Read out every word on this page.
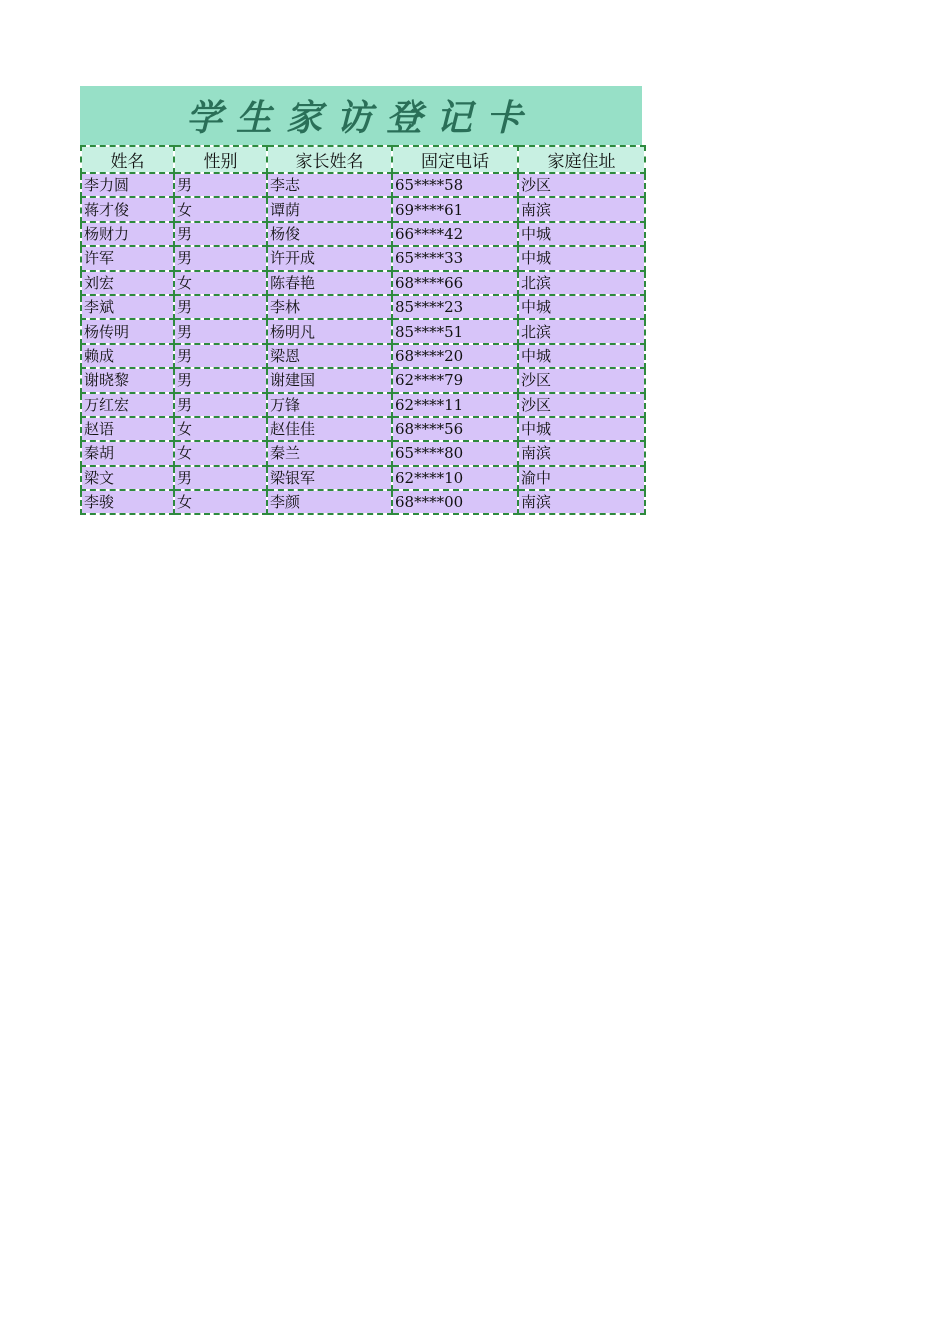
学生家访登记卡
姓名	性别	家长姓名	固定电话	家庭住址
李力圆	男	李志	65****58	沙区
蒋才俊	女	谭荫	69****61	南滨
杨财力	男	杨俊	66****42	中城
许军	男	许开成	65****33	中城
刘宏	女	陈春艳	68****66	北滨
李斌	男	李林	85****23	中城
杨传明	男	杨明凡	85****51	北滨
赖成	男	梁恩	68****20	中城
谢晓黎	男	谢建国	62****79	沙区
万红宏	男	万锋	62****11	沙区
赵语	女	赵佳佳	68****56	中城
秦胡	女	秦兰	65****80	南滨
梁文	男	梁银军	62****10	渝中
李骏	女	李颜	68****00	南滨
